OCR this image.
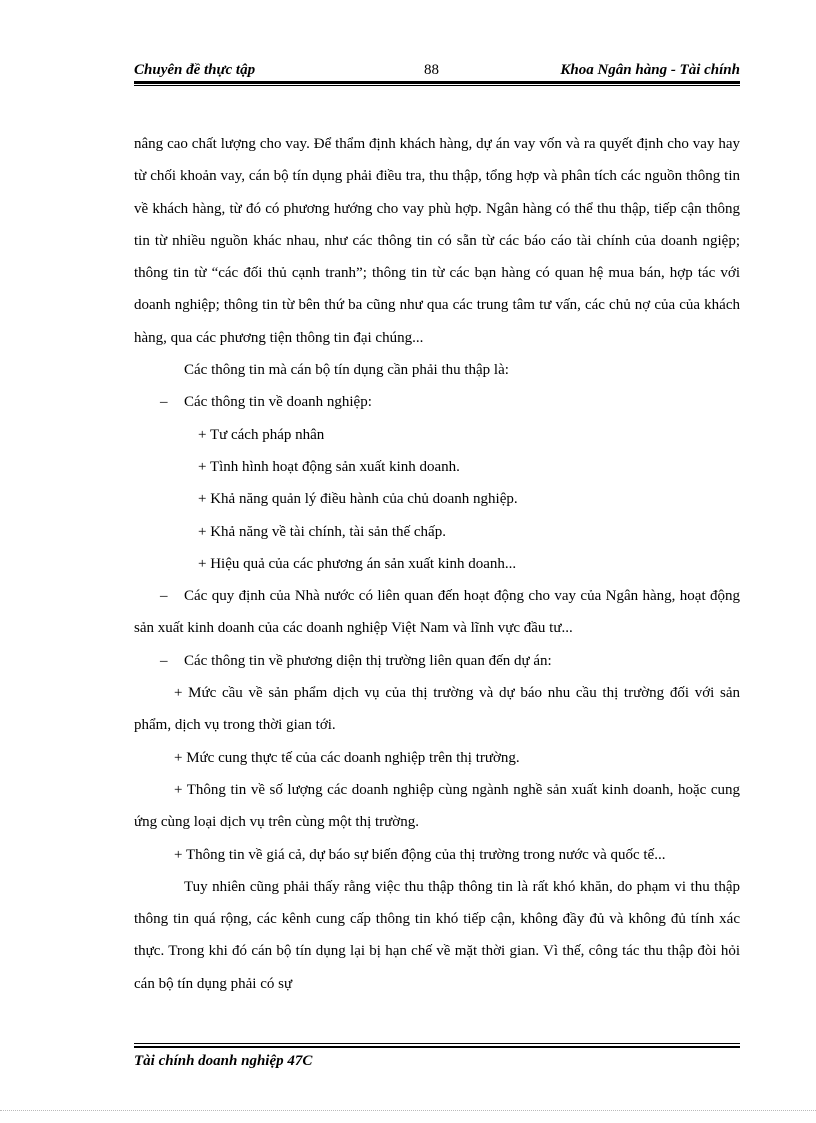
Chuyên đề thực tập	88	Khoa Ngân hàng - Tài chính

nâng cao chất lượng cho vay. Để thẩm định khách hàng, dự án vay vốn và ra quyết định cho vay hay từ chối khoản vay, cán bộ tín dụng phải điều tra, thu thập, tổng hợp và phân tích các nguồn thông tin về khách hàng, từ đó có phương hướng cho vay phù hợp. Ngân hàng có thể thu thập, tiếp cận thông tin từ nhiều nguồn khác nhau, như các thông tin có sẵn từ các báo cáo tài chính của doanh ngiệp; thông tin từ “các đối thủ cạnh tranh”; thông tin từ các bạn hàng có quan hệ mua bán, hợp tác với doanh nghiệp; thông tin từ bên thứ ba cũng như qua các trung tâm tư vấn, các chủ nợ của của khách hàng, qua các phương tiện thông tin đại chúng...

Các thông tin mà cán bộ tín dụng cần phải thu thập là:

– Các thông tin về doanh nghiệp:

+ Tư cách pháp nhân

+ Tình hình hoạt động sản xuất kinh doanh.

+ Khả năng quản lý điều hành của chủ doanh nghiệp.

+ Khả năng về tài chính, tài sản thế chấp.

+ Hiệu quả của các phương án sản xuất kinh doanh...

– Các quy định của Nhà nước có liên quan đến hoạt động cho vay của Ngân hàng, hoạt động sản xuất kinh doanh của các doanh nghiệp Việt Nam và lĩnh vực đầu tư...

– Các thông tin về phương diện thị trường liên quan đến dự án:

+ Mức cầu về sản phẩm dịch vụ của thị trường và dự báo nhu cầu thị trường đối với sản phẩm, dịch vụ trong thời gian tới.

+ Mức cung thực tế của các doanh nghiệp trên thị trường.

+ Thông tin về số lượng các doanh nghiệp cùng ngành nghề sản xuất kinh doanh, hoặc cung ứng cùng loại dịch vụ trên cùng một thị trường.

+ Thông tin về giá cả, dự báo sự biến động của thị trường trong nước và quốc tế...

Tuy nhiên cũng phải thấy rằng việc thu thập thông tin là rất khó khăn, do phạm vi thu thập thông tin quá rộng, các kênh cung cấp thông tin khó tiếp cận, không đầy đủ và không đủ tính xác thực. Trong khi đó cán bộ tín dụng lại bị hạn chế về mặt thời gian. Vì thế, công tác thu thập đòi hỏi cán bộ tín dụng phải có sự

Tài chính doanh nghiệp 47C
